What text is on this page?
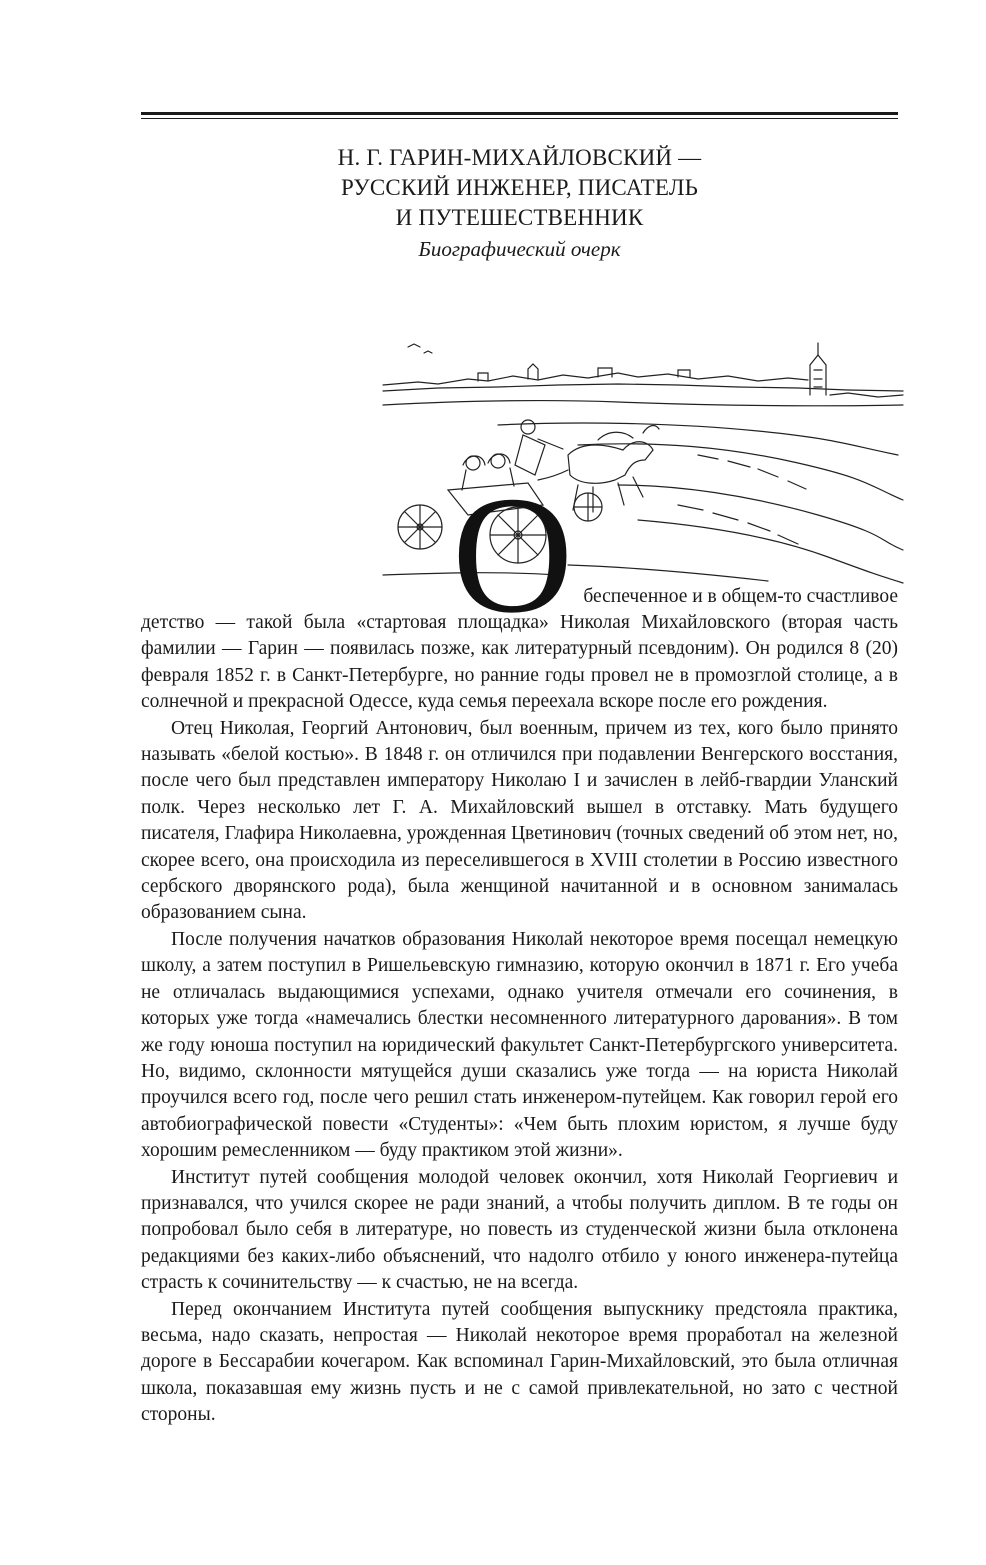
Н. Г. ГАРИН-МИХАЙЛОВСКИЙ —
РУССКИЙ ИНЖЕНЕР, ПИСАТЕЛЬ
И ПУТЕШЕСТВЕННИК
Биографический очерк
О беспеченное и в общем-то счастливое

детство — такой была «стартовая площадка» Николая Михайловского (вторая часть фамилии — Гарин — появилась позже, как литературный псевдоним). Он родился 8 (20) февраля 1852 г. в Санкт-Петербурге, но ранние годы провел не в промозглой столице, а в солнечной и прекрасной Одессе, куда семья переехала вскоре после его рождения.

Отец Николая, Георгий Антонович, был военным, причем из тех, кого было принято называть «белой костью». В 1848 г. он отличился при подавлении Венгерского восстания, после чего был представлен императору Николаю I и зачислен в лейб-гвардии Уланский полк. Через несколько лет Г. А. Михайловский вышел в отставку. Мать будущего писателя, Глафира Николаевна, урожденная Цветинович (точных сведений об этом нет, но, скорее всего, она происходила из переселившегося в XVIII столетии в Россию известного сербского дворянского рода), была женщиной начитанной и в основном занималась образованием сына.

После получения начатков образования Николай некоторое время посещал немецкую школу, а затем поступил в Ришельевскую гимназию, которую окончил в 1871 г. Его учеба не отличалась выдающимися успехами, однако учителя отмечали его сочинения, в которых уже тогда «намечались блестки несомненного литературного дарования». В том же году юноша поступил на юридический факультет Санкт-Петербургского университета. Но, видимо, склонности мятущейся души сказались уже тогда — на юриста Николай проучился всего год, после чего решил стать инженером-путейцем. Как говорил герой его автобиографической повести «Студенты»: «Чем быть плохим юристом, я лучше буду хорошим ремесленником — буду практиком этой жизни».

Институт путей сообщения молодой человек окончил, хотя Николай Георгиевич и признавался, что учился скорее не ради знаний, а чтобы получить диплом. В те годы он попробовал было себя в литературе, но повесть из студенческой жизни была отклонена редакциями без каких-либо объяснений, что надолго отбило у юного инженера-путейца страсть к сочинительству — к счастью, не на всегда.

Перед окончанием Института путей сообщения выпускнику предстояла практика, весьма, надо сказать, непростая — Николай некоторое время проработал на железной дороге в Бессарабии кочегаром. Как вспоминал Гарин-Михайловский, это была отличная школа, показавшая ему жизнь пусть и не с самой привлекательной, но зато с честной стороны.
